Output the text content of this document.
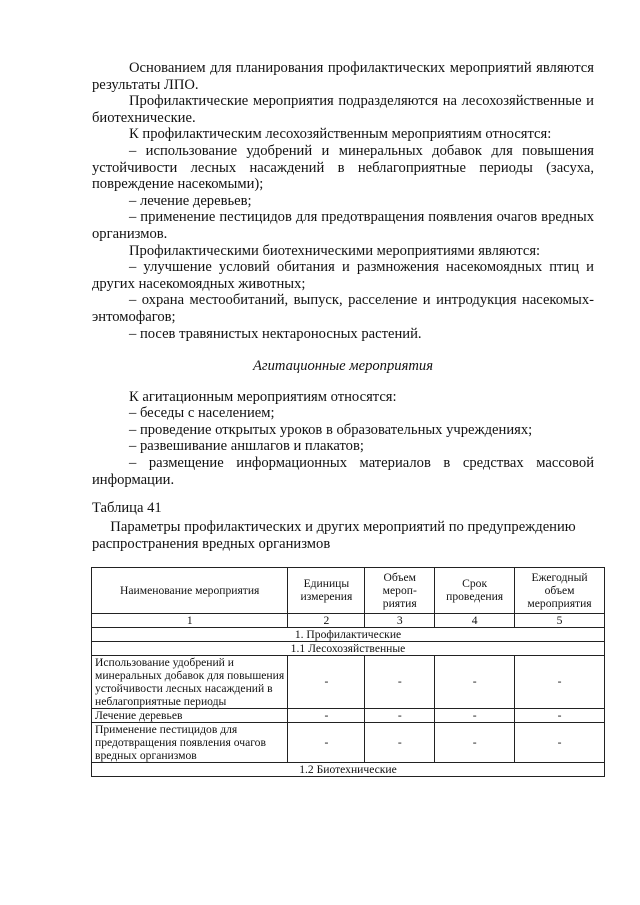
Основанием для планирования профилактических мероприятий являются результаты ЛПО.

Профилактические мероприятия подразделяются на лесохозяйственные и биотехнические.

К профилактическим лесохозяйственным мероприятиям относятся:

– использование удобрений и минеральных добавок для повышения устойчивости лесных насаждений в неблагоприятные периоды (засуха, повреждение насекомыми);

– лечение деревьев;

– применение пестицидов для предотвращения появления очагов вредных организмов.

Профилактическими биотехническими мероприятиями являются:

– улучшение условий обитания и размножения насекомоядных птиц и других насекомоядных животных;

– охрана местообитаний, выпуск, расселение и интродукция насекомых-энтомофагов;

– посев травянистых нектароносных растений.

Агитационные мероприятия

К агитационным мероприятиям относятся:

– беседы с населением;

– проведение открытых уроков в образовательных учреждениях;

– развешивание аншлагов и плакатов;

– размещение информационных материалов в средствах массовой информации.

Таблица 41

Параметры профилактических и других мероприятий по предупреждению распространения вредных организмов

Наименование мероприятия	Единицы измерения	Объем мероп-риятия	Срок проведения	Ежегодный объем мероприятия
1	2	3	4	5
1. Профилактические				
1.1 Лесохозяйственные				
Использование удобрений и минеральных добавок для повышения устойчивости лесных насаждений в неблагоприятные периоды	-	-	-	-
Лечение деревьев	-	-	-	-
Применение пестицидов для предотвращения появления очагов вредных организмов	-	-	-	-
1.2 Биотехнические				
